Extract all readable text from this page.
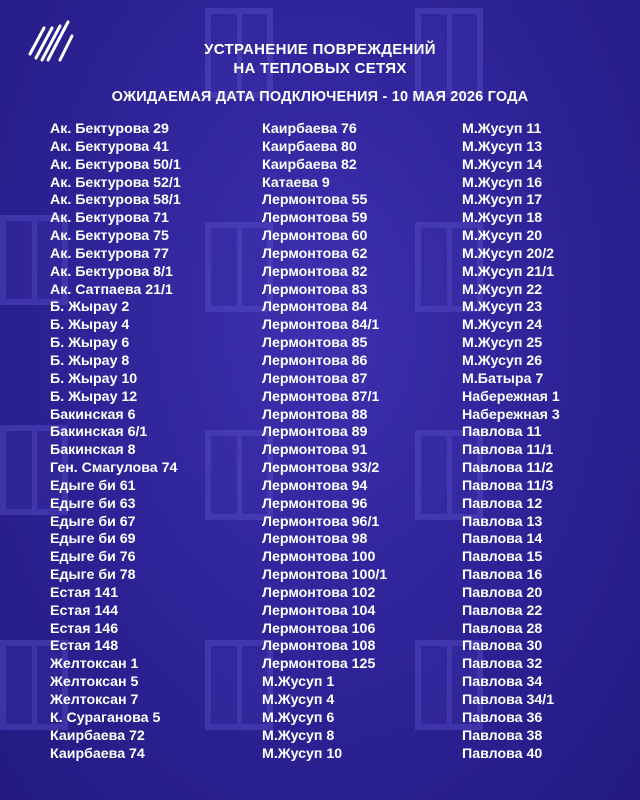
УСТРАНЕНИЕ ПОВРЕЖДЕНИЙ
НА ТЕПЛОВЫХ СЕТЯХ
ОЖИДАЕМАЯ ДАТА ПОДКЛЮЧЕНИЯ - 10 МАЯ 2026 ГОДА
Ак. Бектурова 29
Ак. Бектурова 41
Ак. Бектурова 50/1
Ак. Бектурова 52/1
Ак. Бектурова 58/1
Ак. Бектурова 71
Ак. Бектурова 75
Ак. Бектурова 77
Ак. Бектурова 8/1
Ак. Сатпаева 21/1
Б. Жырау 2
Б. Жырау 4
Б. Жырау 6
Б. Жырау 8
Б. Жырау 10
Б. Жырау 12
Бакинская 6
Бакинская 6/1
Бакинская 8
Ген. Смагулова 74
Едыге би 61
Едыге би 63
Едыге би 67
Едыге би 69
Едыге би 76
Едыге би 78
Естая 141
Естая 144
Естая 146
Естая 148
Желтоксан 1
Желтоксан 5
Желтоксан 7
К. Сураганова 5
Каирбаева 72
Каирбаева 74
Каирбаева 76
Каирбаева 80
Каирбаева 82
Катаева 9
Лермонтова 55
Лермонтова 59
Лермонтова 60
Лермонтова 62
Лермонтова 82
Лермонтова 83
Лермонтова 84
Лермонтова 84/1
Лермонтова 85
Лермонтова 86
Лермонтова 87
Лермонтова 87/1
Лермонтова 88
Лермонтова 89
Лермонтова 91
Лермонтова 93/2
Лермонтова 94
Лермонтова 96
Лермонтова 96/1
Лермонтова 98
Лермонтова 100
Лермонтова 100/1
Лермонтова 102
Лермонтова 104
Лермонтова 106
Лермонтова 108
Лермонтова 125
М.Жусуп 1
М.Жусуп 4
М.Жусуп 6
М.Жусуп 8
М.Жусуп 10
М.Жусуп 11
М.Жусуп 13
М.Жусуп 14
М.Жусуп 16
М.Жусуп 17
М.Жусуп 18
М.Жусуп 20
М.Жусуп 20/2
М.Жусуп 21/1
М.Жусуп 22
М.Жусуп 23
М.Жусуп 24
М.Жусуп 25
М.Жусуп 26
М.Батыра 7
Набережная 1
Набережная 3
Павлова 11
Павлова 11/1
Павлова 11/2
Павлова 11/3
Павлова 12
Павлова 13
Павлова 14
Павлова 15
Павлова 16
Павлова 20
Павлова 22
Павлова 28
Павлова 30
Павлова 32
Павлова 34
Павлова 34/1
Павлова 36
Павлова 38
Павлова 40
